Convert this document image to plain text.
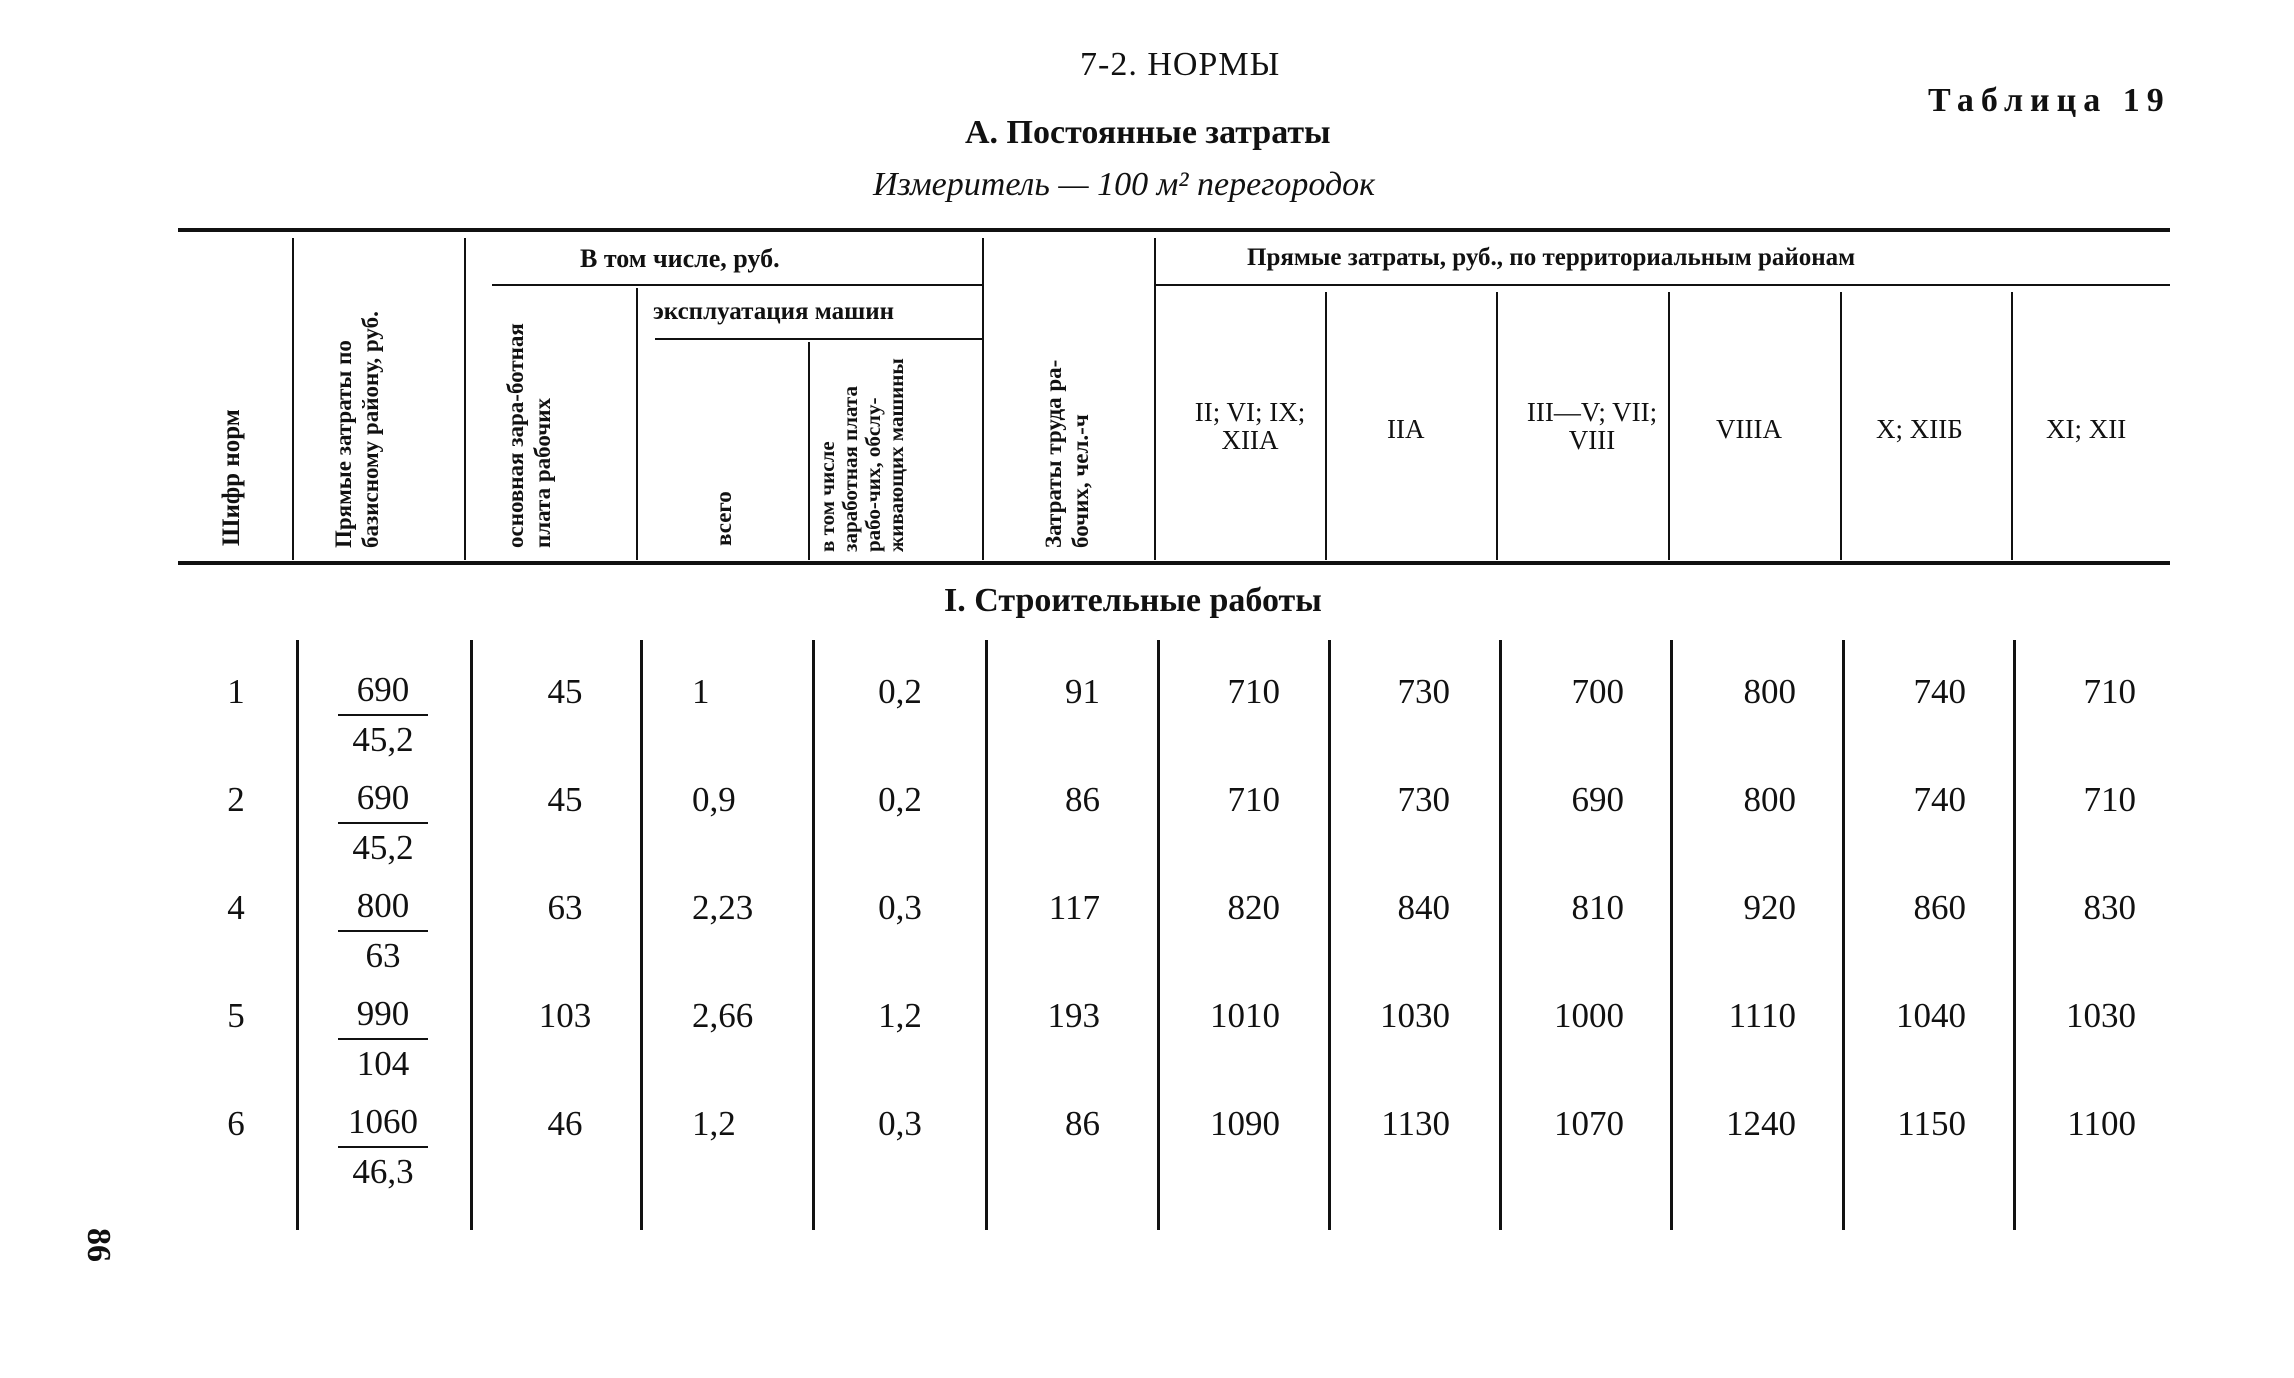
7-2. НОРМЫ
Таблица 19
А. Постоянные затраты
Измеритель — 100 м² перегородок
Шифр норм	Прямые затраты по базисному району, руб.	основная зара-ботная плата рабочих	всего	в том числе заработная плата рабо-чих, обслу-живающих машины	Затраты труда ра-бочих, чел.-ч
В том числе, руб.
эксплуатация машин
Прямые затраты, руб., по территориальным районам
II; VI; IX; XIIА	IIА
III—V; VII; VIII	VIIIА	X; XIIБ	XI; XII
I. Строительные работы
1	$\frac{690}{45,2}$	45	1	0,2	91	710	730	700	800	740	710
2	$\frac{690}{45,2}$	45	0,9	0,2	86	710	730	690	800	740	710
4	$\frac{800}{63}$	63	2,23	0,3	117	820	840	810	920	860	830
5	$\frac{990}{104}$	103	2,66	1,2	193	1010	1030	1000	1110	1040	1030
6	$\frac{1060}{46,3}$	46	1,2	0,3	86	1090	1130	1070	1240	1150	1100
86
